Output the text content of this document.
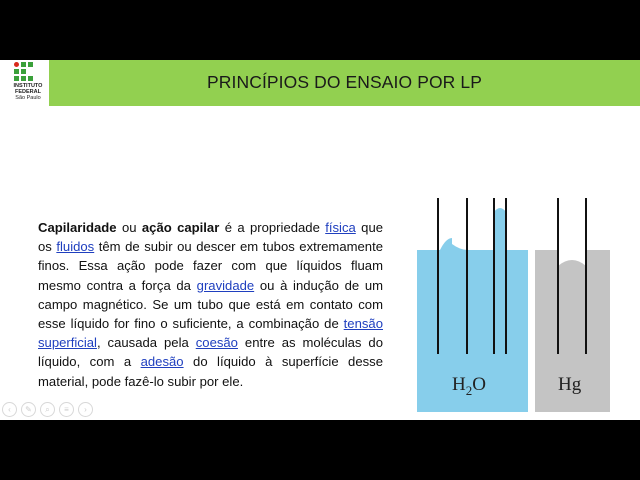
INSTITUTO
FEDERAL
São Paulo
PRINCÍPIOS DO ENSAIO POR LP
Capilaridade ou ação capilar é a propriedade física que os fluidos têm de subir ou descer em tubos extremamente finos. Essa ação pode fazer com que líquidos fluam mesmo contra a força da gravidade ou à indução de um campo magnético. Se um tubo que está em contato com esse líquido for fino o suficiente, a combinação de tensão superficial, causada pela coesão entre as moléculas do líquido, com a adesão do líquido à superfície desse material, pode fazê-lo subir por ele.	$H_2O$	Hg
‹	✎	⌕	≡	›
